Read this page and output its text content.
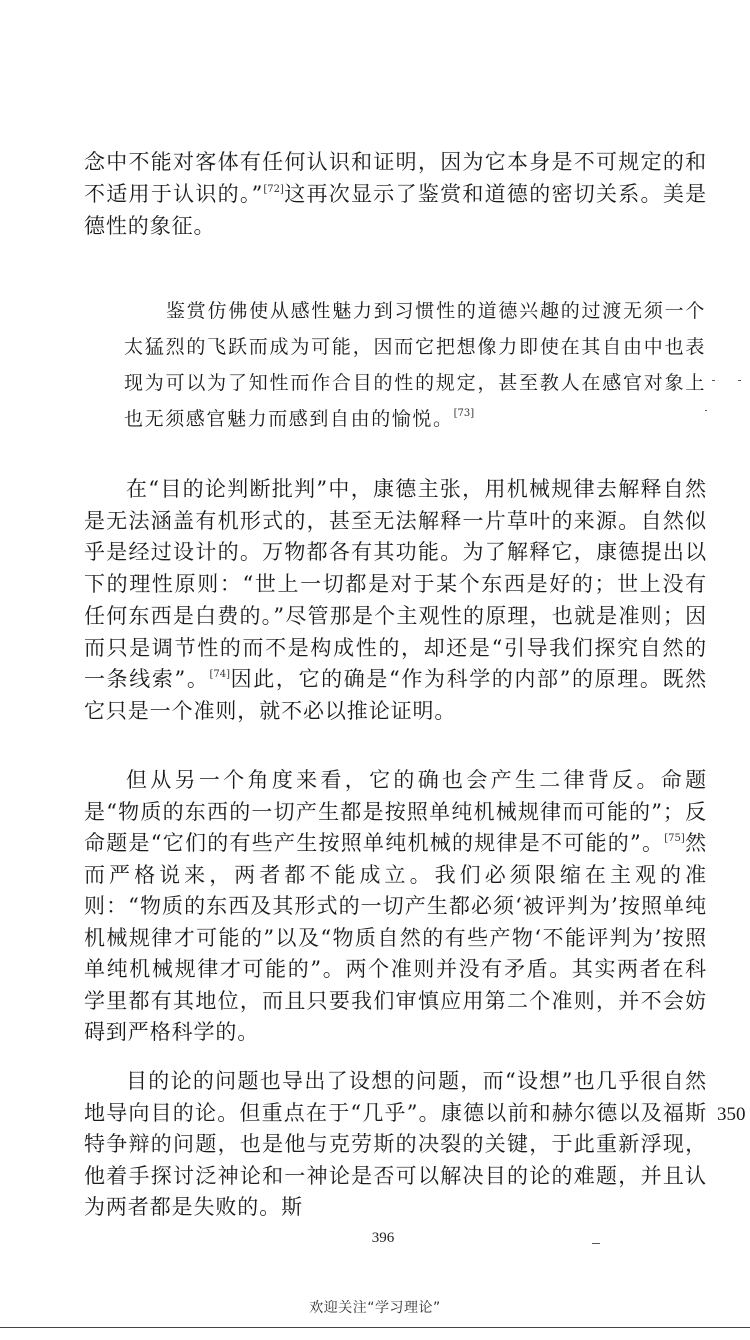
念中不能对客体有任何认识和证明，因为它本身是不可规定的和不适用于认识的。”[72]这再次显示了鉴赏和道德的密切关系。美是德性的象征。

鉴赏仿佛使从感性魅力到习惯性的道德兴趣的过渡无须一个太猛烈的飞跃而成为可能，因而它把想像力即使在其自由中也表现为可以为了知性而作合目的性的规定，甚至教人在感官对象上也无须感官魅力而感到自由的愉悦。[73]

在“目的论判断批判”中，康德主张，用机械规律去解释自然是无法涵盖有机形式的，甚至无法解释一片草叶的来源。自然似乎是经过设计的。万物都各有其功能。为了解释它，康德提出以下的理性原则：“世上一切都是对于某个东西是好的；世上没有任何东西是白费的。”尽管那是个主观性的原理，也就是准则；因而只是调节性的而不是构成性的，却还是“引导我们探究自然的一条线索”。[74]因此，它的确是“作为科学的内部”的原理。既然它只是一个准则，就不必以推论证明。

但从另一个角度来看，它的确也会产生二律背反。命题是“物质的东西的一切产生都是按照单纯机械规律而可能的”；反命题是“它们的有些产生按照单纯机械的规律是不可能的”。[75]然而严格说来，两者都不能成立。我们必须限缩在主观的准则：“物质的东西及其形式的一切产生都必须‘被评判为’按照单纯机械规律才可能的”以及“物质自然的有些产物‘不能评判为’按照单纯机械规律才可能的”。两个准则并没有矛盾。其实两者在科学里都有其地位，而且只要我们审慎应用第二个准则，并不会妨碍到严格科学的。

目的论的问题也导出了设想的问题，而“设想”也几乎很自然地导向目的论。但重点在于“几乎”。康德以前和赫尔德以及福斯特争辩的问题，也是他与克劳斯的决裂的关键，于此重新浮现，他着手探讨泛神论和一神论是否可以解决目的论的难题，并且认为两者都是失败的。斯

350
396
欢迎关注“学习理论”
